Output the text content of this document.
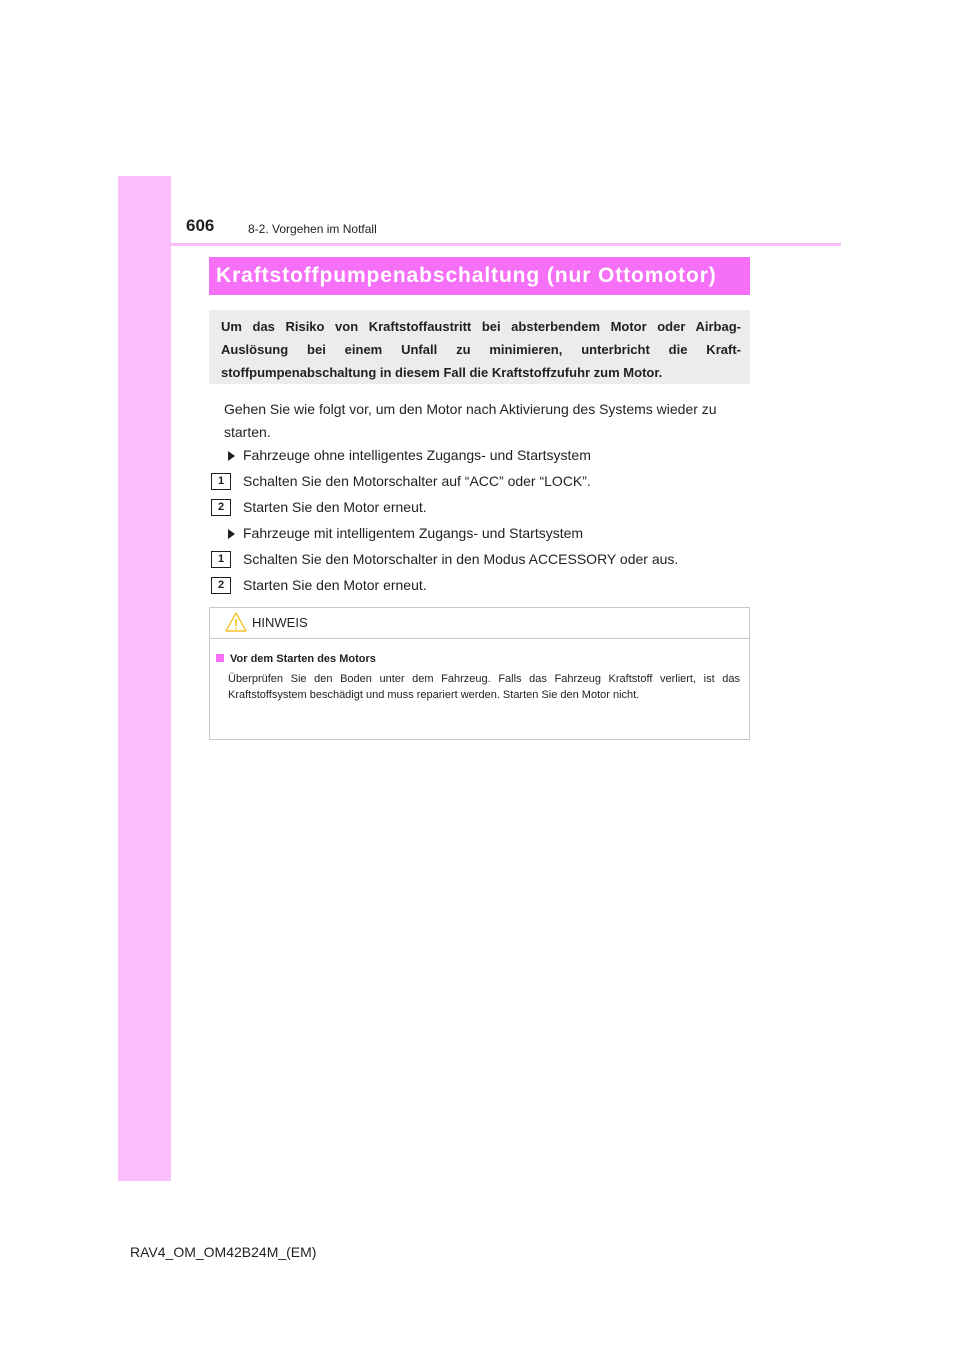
606	8-2. Vorgehen im Notfall
Kraftstoffpumpenabschaltung (nur Ottomotor)
Um das Risiko von Kraftstoffaustritt bei absterbendem Motor oder Airbag-Auslösung bei einem Unfall zu minimieren, unterbricht die Kraftstoffpumpenabschaltung in diesem Fall die Kraftstoffzufuhr zum Motor.
Gehen Sie wie folgt vor, um den Motor nach Aktivierung des Systems wieder zu starten.
Fahrzeuge ohne intelligentes Zugangs- und Startsystem
1	Schalten Sie den Motorschalter auf “ACC” oder “LOCK”.
2	Starten Sie den Motor erneut.
Fahrzeuge mit intelligentem Zugangs- und Startsystem
1	Schalten Sie den Motorschalter in den Modus ACCESSORY oder aus.
2	Starten Sie den Motor erneut.
HINWEIS
Vor dem Starten des Motors
Überprüfen Sie den Boden unter dem Fahrzeug. Falls das Fahrzeug Kraftstoff verliert, ist das Kraftstoffsystem beschädigt und muss repariert werden. Starten Sie den Motor nicht.
RAV4_OM_OM42B24M_(EM)
